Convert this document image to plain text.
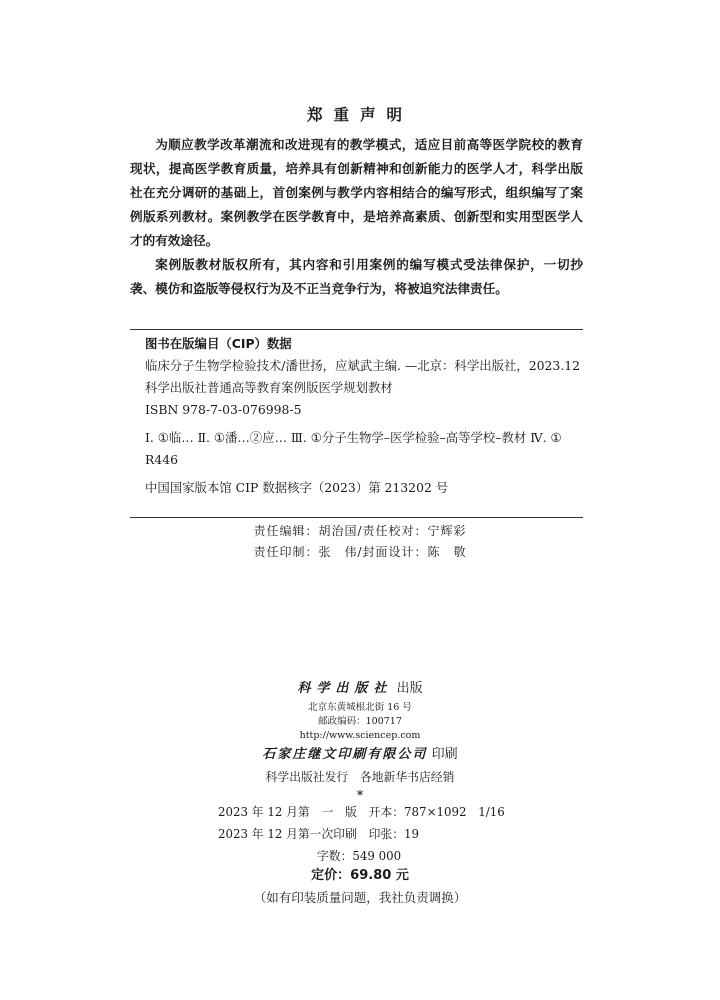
郑重声明

为顺应教学改革潮流和改进现有的教学模式，适应目前高等医学院校的教育现状，提高医学教育质量，培养具有创新精神和创新能力的医学人才，科学出版社在充分调研的基础上，首创案例与教学内容相结合的编写形式，组织编写了案例版系列教材。案例教学在医学教育中，是培养高素质、创新型和实用型医学人才的有效途径。

案例版教材版权所有，其内容和引用案例的编写模式受法律保护，一切抄袭、模仿和盗版等侵权行为及不正当竞争行为，将被追究法律责任。

图书在版编目（CIP）数据
临床分子生物学检验技术/潘世扬，应斌武主编. —北京：科学出版社，2023.12
科学出版社普通高等教育案例版医学规划教材
ISBN 978-7-03-076998-5
Ⅰ. ①临… Ⅱ. ①潘…②应… Ⅲ. ①分子生物学–医学检验–高等学校–教材 Ⅳ. ① R446
中国国家版本馆 CIP 数据核字（2023）第 213202 号
责任编辑：胡治国/责任校对：宁辉彩
责任印制：张　伟/封面设计：陈　敬
科学出版社 出版
北京东黄城根北街 16 号
邮政编码：100717
http://www.sciencep.com
石家庄继文印刷有限公司 印刷
科学出版社发行　各地新华书店经销
*
2023 年 12 月第　一　版　开本：787×1092　1/16
2023 年 12 月第一次印刷　印张：19
字数：549 000
定价：69.80 元
（如有印装质量问题，我社负责调换）
